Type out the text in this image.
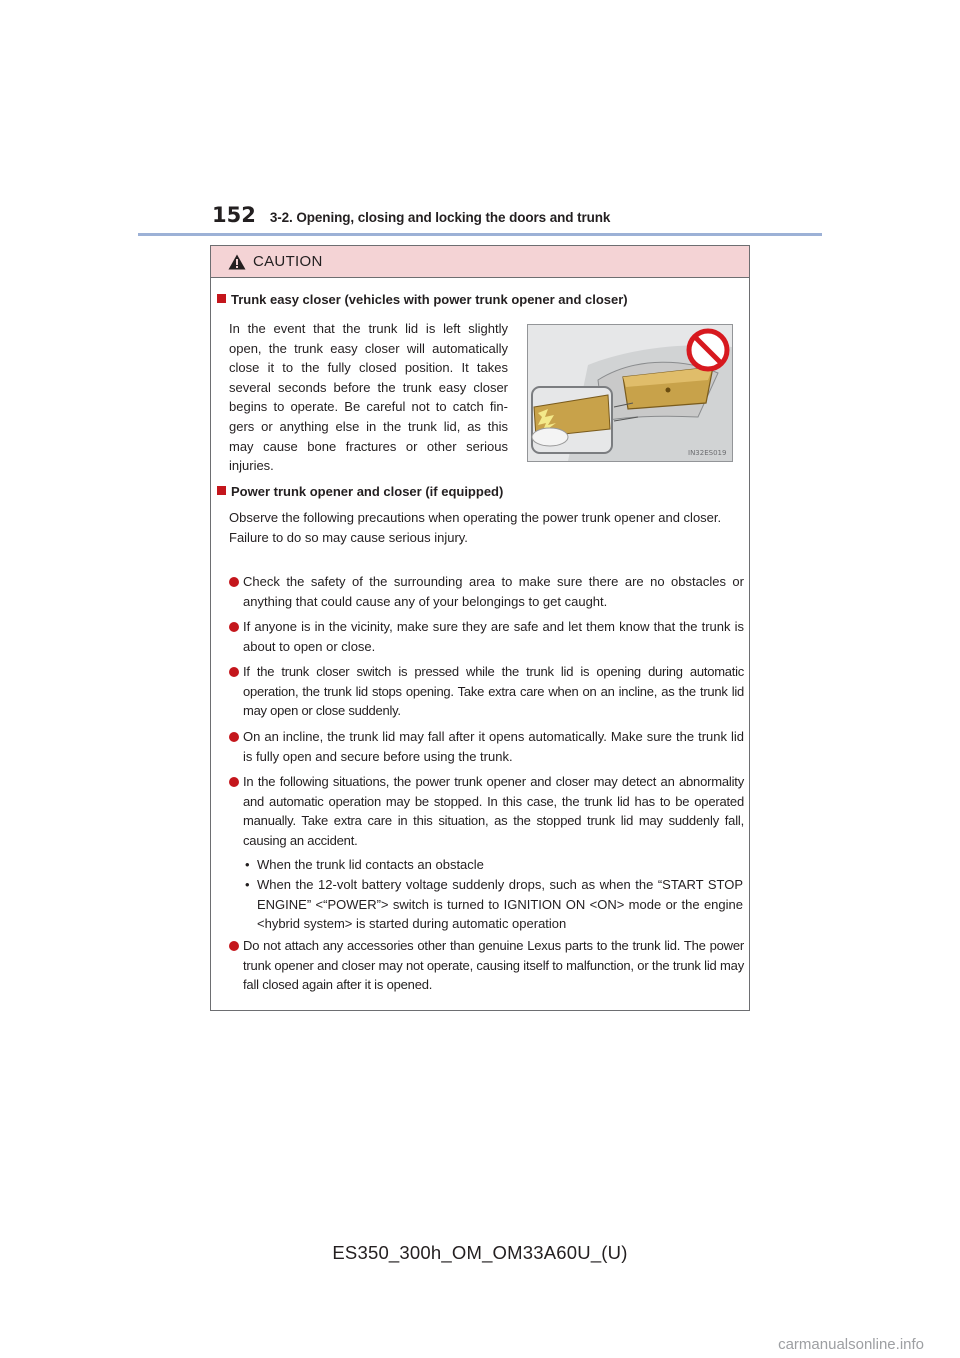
152 3-2. Opening, closing and locking the doors and trunk
CAUTION
Trunk easy closer (vehicles with power trunk opener and closer)
In the event that the trunk lid is left slightly
open, the trunk easy closer will automatically
close it to the fully closed position. It takes
several seconds before the trunk easy closer
begins to operate. Be careful not to catch fin-
gers or anything else in the trunk lid, as this
may cause bone fractures or other serious
injuries.
IN32ES019
Power trunk opener and closer (if equipped)
Observe the following precautions when operating the power trunk opener and closer.
Failure to do so may cause serious injury.
Check the safety of the surrounding area to make sure there are no obstacles or anything that could cause any of your belongings to get caught.
If anyone is in the vicinity, make sure they are safe and let them know that the trunk is about to open or close.
If the trunk closer switch is pressed while the trunk lid is opening during automatic operation, the trunk lid stops opening. Take extra care when on an incline, as the trunk lid may open or close suddenly.
On an incline, the trunk lid may fall after it opens automatically. Make sure the trunk lid is fully open and secure before using the trunk.
In the following situations, the power trunk opener and closer may detect an abnormality and automatic operation may be stopped. In this case, the trunk lid has to be operated manually. Take extra care in this situation, as the stopped trunk lid may suddenly fall, causing an accident.
• When the trunk lid contacts an obstacle
• When the 12-volt battery voltage suddenly drops, such as when the “START STOP ENGINE” <“POWER”> switch is turned to IGNITION ON <ON> mode or the engine <hybrid system> is started during automatic operation
Do not attach any accessories other than genuine Lexus parts to the trunk lid. The power trunk opener and closer may not operate, causing itself to malfunction, or the trunk lid may fall closed again after it is opened.
ES350_300h_OM_OM33A60U_(U)
carmanualsonline.info
